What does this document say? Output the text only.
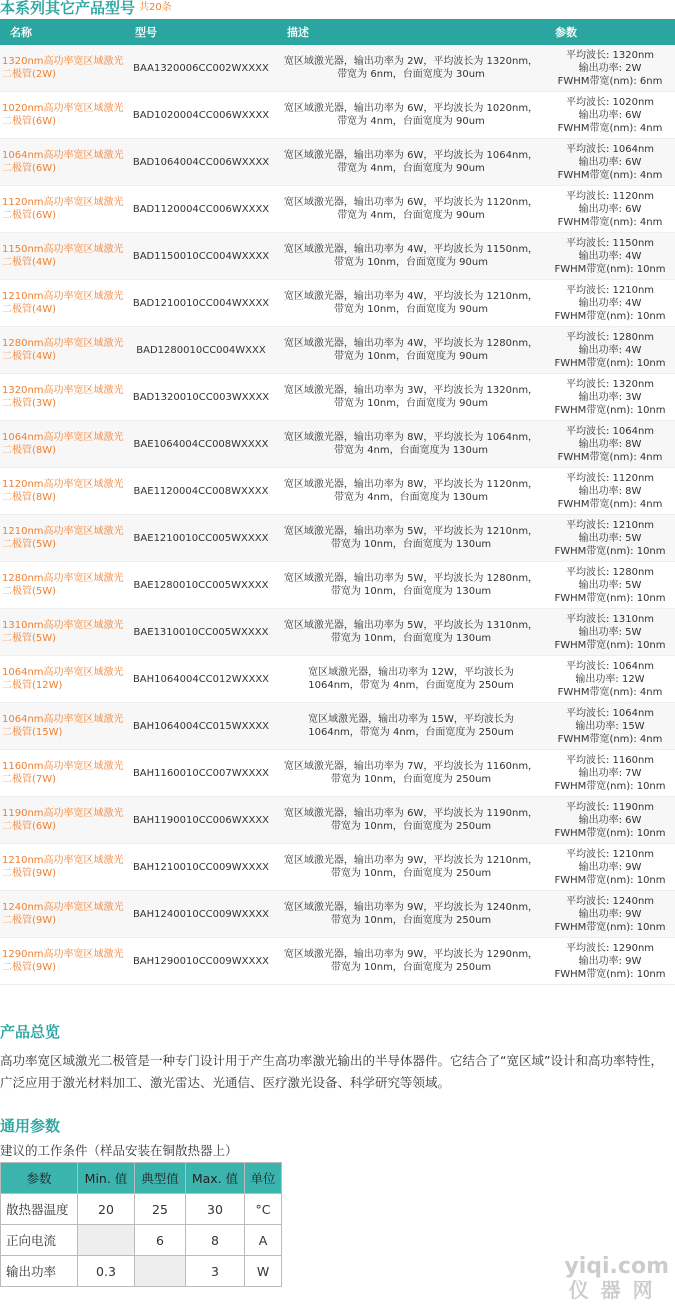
本系列其它产品型号 $^{共20条}$
名称	型号	描述	参数
1320nm高功率宽区域激光二极管(2W)	BAA1320006CC002WXXXX	宽区域激光器，输出功率为 2W，平均波长为 1320nm，带宽为 6nm，台面宽度为 30um	平均波长: 1320nm
输出功率: 2W
FWHM带宽(nm): 6nm

1020nm高功率宽区域激光二极管(6W)	BAD1020004CC006WXXXX	宽区域激光器，输出功率为 6W，平均波长为 1020nm，带宽为 4nm，台面宽度为 90um	平均波长: 1020nm
输出功率: 6W
FWHM带宽(nm): 4nm

1064nm高功率宽区域激光二极管(6W)	BAD1064004CC006WXXXX	宽区域激光器，输出功率为 6W，平均波长为 1064nm，带宽为 4nm，台面宽度为 90um	平均波长: 1064nm
输出功率: 6W
FWHM带宽(nm): 4nm

1120nm高功率宽区域激光二极管(6W)	BAD1120004CC006WXXXX	宽区域激光器，输出功率为 6W，平均波长为 1120nm，带宽为 4nm，台面宽度为 90um	平均波长: 1120nm
输出功率: 6W
FWHM带宽(nm): 4nm

1150nm高功率宽区域激光二极管(4W)	BAD1150010CC004WXXXX	宽区域激光器，输出功率为 4W，平均波长为 1150nm，带宽为 10nm，台面宽度为 90um	平均波长: 1150nm
输出功率: 4W
FWHM带宽(nm): 10nm

1210nm高功率宽区域激光二极管(4W)	BAD1210010CC004WXXXX	宽区域激光器，输出功率为 4W，平均波长为 1210nm，带宽为 10nm，台面宽度为 90um	平均波长: 1210nm
输出功率: 4W
FWHM带宽(nm): 10nm

1280nm高功率宽区域激光二极管(4W)	BAD1280010CC004WXXX	宽区域激光器，输出功率为 4W，平均波长为 1280nm，带宽为 10nm，台面宽度为 90um	平均波长: 1280nm
输出功率: 4W
FWHM带宽(nm): 10nm

1320nm高功率宽区域激光二极管(3W)	BAD1320010CC003WXXXX	宽区域激光器，输出功率为 3W，平均波长为 1320nm，带宽为 10nm，台面宽度为 90um	平均波长: 1320nm
输出功率: 3W
FWHM带宽(nm): 10nm

1064nm高功率宽区域激光二极管(8W)	BAE1064004CC008WXXXX	宽区域激光器，输出功率为 8W，平均波长为 1064nm，带宽为 4nm，台面宽度为 130um	平均波长: 1064nm
输出功率: 8W
FWHM带宽(nm): 4nm

1120nm高功率宽区域激光二极管(8W)	BAE1120004CC008WXXXX	宽区域激光器，输出功率为 8W，平均波长为 1120nm，带宽为 4nm，台面宽度为 130um	平均波长: 1120nm
输出功率: 8W
FWHM带宽(nm): 4nm

1210nm高功率宽区域激光二极管(5W)	BAE1210010CC005WXXXX	宽区域激光器，输出功率为 5W，平均波长为 1210nm，带宽为 10nm，台面宽度为 130um	平均波长: 1210nm
输出功率: 5W
FWHM带宽(nm): 10nm

1280nm高功率宽区域激光二极管(5W)	BAE1280010CC005WXXXX	宽区域激光器，输出功率为 5W，平均波长为 1280nm，带宽为 10nm，台面宽度为 130um	平均波长: 1280nm
输出功率: 5W
FWHM带宽(nm): 10nm

1310nm高功率宽区域激光二极管(5W)	BAE1310010CC005WXXXX	宽区域激光器，输出功率为 5W，平均波长为 1310nm，带宽为 10nm，台面宽度为 130um	平均波长: 1310nm
输出功率: 5W
FWHM带宽(nm): 10nm

1064nm高功率宽区域激光二极管(12W)	BAH1064004CC012WXXXX	宽区域激光器，输出功率为 12W，平均波长为 1064nm，带宽为 4nm，台面宽度为 250um	平均波长: 1064nm
输出功率: 12W
FWHM带宽(nm): 4nm

1064nm高功率宽区域激光二极管(15W)	BAH1064004CC015WXXXX	宽区域激光器，输出功率为 15W，平均波长为 1064nm，带宽为 4nm，台面宽度为 250um	平均波长: 1064nm
输出功率: 15W
FWHM带宽(nm): 4nm

1160nm高功率宽区域激光二极管(7W)	BAH1160010CC007WXXXX	宽区域激光器，输出功率为 7W，平均波长为 1160nm，带宽为 10nm，台面宽度为 250um	平均波长: 1160nm
输出功率: 7W
FWHM带宽(nm): 10nm

1190nm高功率宽区域激光二极管(6W)	BAH1190010CC006WXXXX	宽区域激光器，输出功率为 6W，平均波长为 1190nm，带宽为 10nm，台面宽度为 250um	平均波长: 1190nm
输出功率: 6W
FWHM带宽(nm): 10nm

1210nm高功率宽区域激光二极管(9W)	BAH1210010CC009WXXXX	宽区域激光器，输出功率为 9W，平均波长为 1210nm，带宽为 10nm，台面宽度为 250um	平均波长: 1210nm
输出功率: 9W
FWHM带宽(nm): 10nm

1240nm高功率宽区域激光二极管(9W)	BAH1240010CC009WXXXX	宽区域激光器，输出功率为 9W，平均波长为 1240nm，带宽为 10nm，台面宽度为 250um	平均波长: 1240nm
输出功率: 9W
FWHM带宽(nm): 10nm

1290nm高功率宽区域激光二极管(9W)	BAH1290010CC009WXXXX	宽区域激光器，输出功率为 9W，平均波长为 1290nm，带宽为 10nm，台面宽度为 250um	平均波长: 1290nm
输出功率: 9W
FWHM带宽(nm): 10nm
产品总览

高功率宽区域激光二极管是一种专门设计用于产生高功率激光输出的半导体器件。它结合了“宽区域”设计和高功率特性，广泛应用于激光材料加工、激光雷达、光通信、医疗激光设备、科学研究等领域。

通用参数

建议的工作条件（样品安装在铜散热器上）

参数	Min. 值	典型值	Max. 值	单位
散热器温度	20	25	30	°C
正向电流		6	8	A
输出功率	0.3		3	W	yiqi.com
仪器网
